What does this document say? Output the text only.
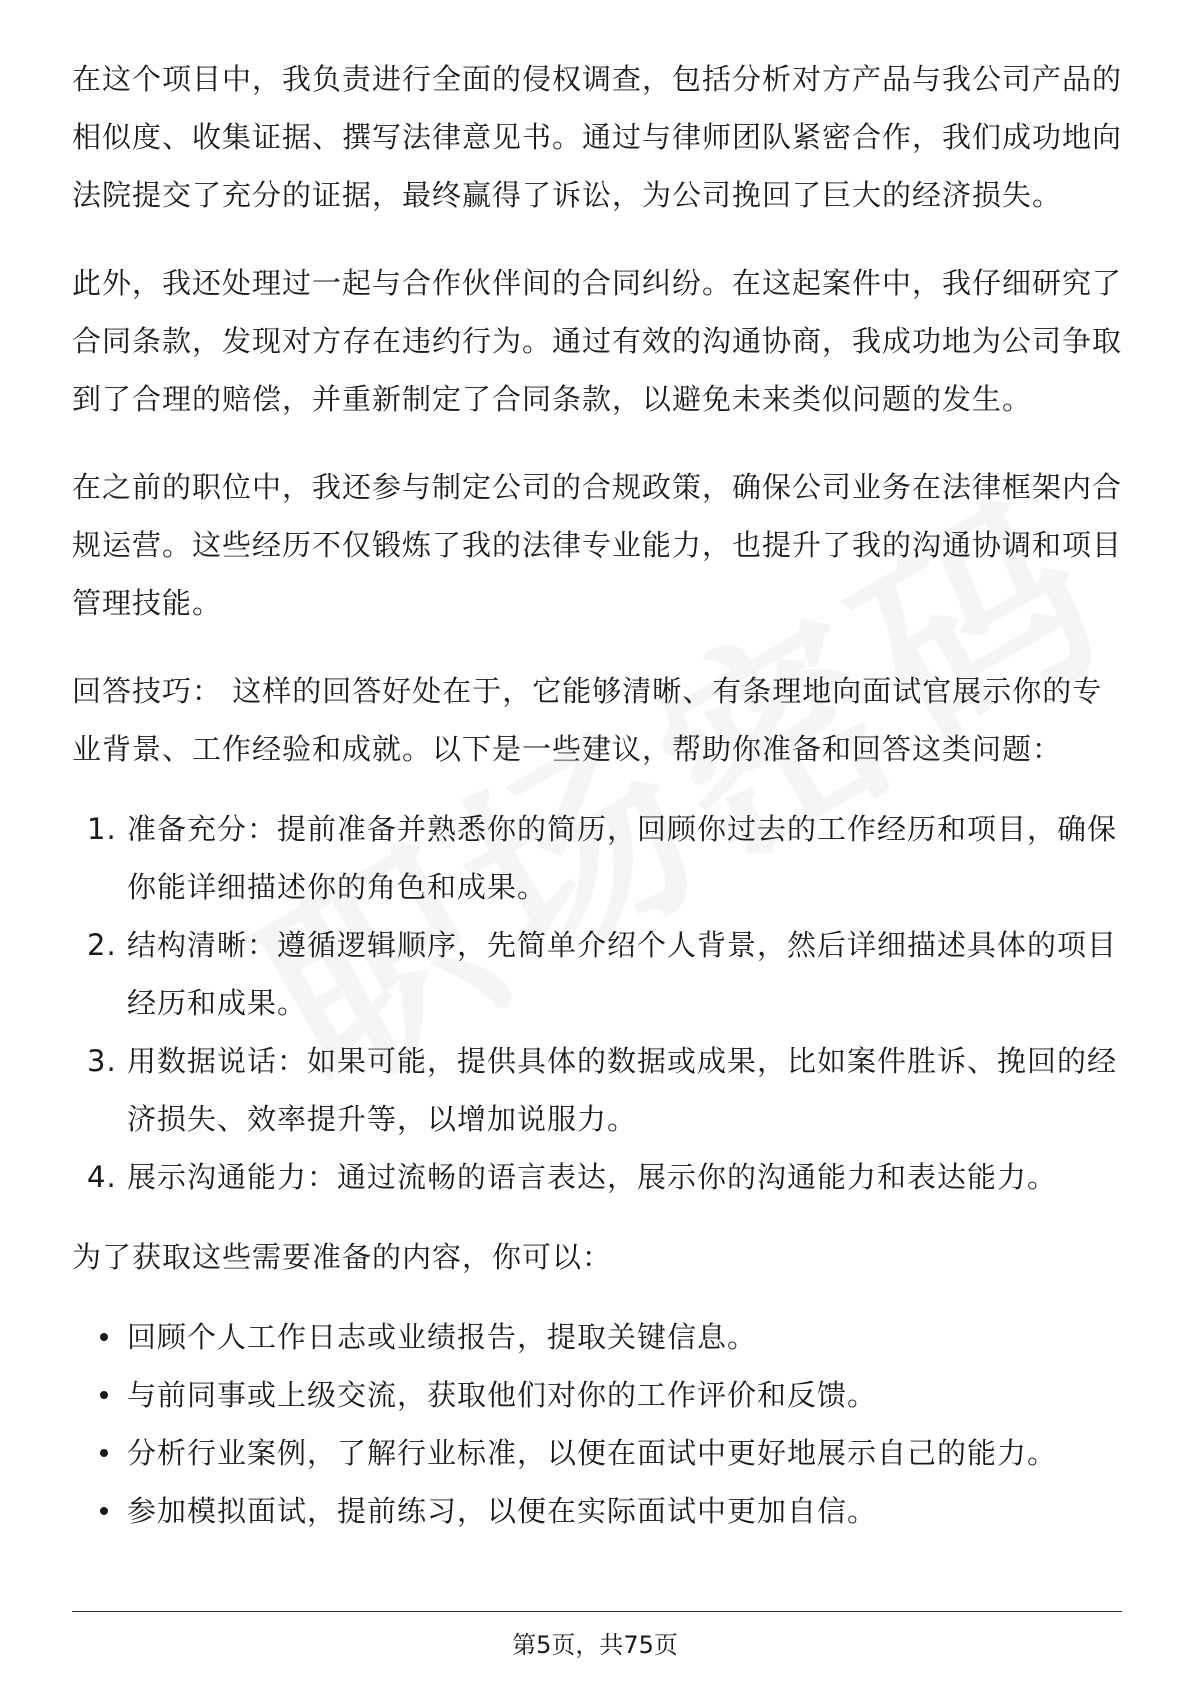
在这个项目中，我负责进行全面的侵权调查，包括分析对方产品与我公司产品的相似度、收集证据、撰写法律意见书。通过与律师团队紧密合作，我们成功地向法院提交了充分的证据，最终赢得了诉讼，为公司挽回了巨大的经济损失。

此外，我还处理过一起与合作伙伴间的合同纠纷。在这起案件中，我仔细研究了合同条款，发现对方存在违约行为。通过有效的沟通协商，我成功地为公司争取到了合理的赔偿，并重新制定了合同条款，以避免未来类似问题的发生。

在之前的职位中，我还参与制定公司的合规政策，确保公司业务在法律框架内合规运营。这些经历不仅锻炼了我的法律专业能力，也提升了我的沟通协调和项目管理技能。

回答技巧： 这样的回答好处在于，它能够清晰、有条理地向面试官展示你的专业背景、工作经验和成就。以下是一些建议，帮助你准备和回答这类问题：

1. 准备充分：提前准备并熟悉你的简历，回顾你过去的工作经历和项目，确保你能详细描述你的角色和成果。
2. 结构清晰：遵循逻辑顺序，先简单介绍个人背景，然后详细描述具体的项目经历和成果。
3. 用数据说话：如果可能，提供具体的数据或成果，比如案件胜诉、挽回的经济损失、效率提升等，以增加说服力。
4. 展示沟通能力：通过流畅的语言表达，展示你的沟通能力和表达能力。

为了获取这些需要准备的内容，你可以：

回顾个人工作日志或业绩报告，提取关键信息。
与前同事或上级交流，获取他们对你的工作评价和反馈。
分析行业案例，了解行业标准，以便在面试中更好地展示自己的能力。
参加模拟面试，提前练习，以便在实际面试中更加自信。
第5页，共75页
